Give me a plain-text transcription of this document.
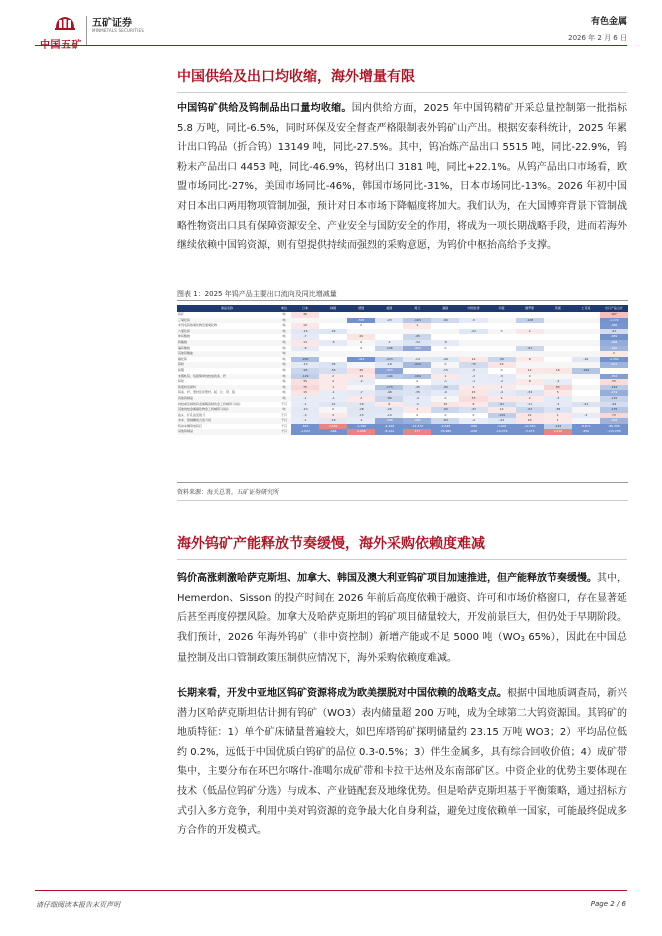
五矿证券
MINMETALS SECURITIES
有色金属
2026 年 2 月 6 日
中国供给及出口均收缩，海外增量有限
中国钨矿供给及钨制品出口量均收缩。国内供给方面，2025 年中国钨精矿开采总量控制第一批指标 5.8 万吨，同比-6.5%，同时环保及安全督查严格限制表外钨矿山产出。根据安泰科统计，2025 年累计出口钨品（折合钨）13149 吨，同比-27.5%。其中，钨冶炼产品出口 5515 吨，同比-22.9%，钨粉末产品出口 4453 吨，同比-46.9%，钨材出口 3181 吨，同比+22.1%。从钨产品出口市场看，欧盟市场同比-27%，美国市场同比-46%，韩国市场同比-31%，日本市场同比-13%。2026 年初中国对日本出口两用物项管制加强，预计对日本市场下降幅度将加大。我们认为，在大国博弈背景下管制战略性物资出口具有保障资源安全、产业安全与国防安全的作用，将成为一项长期战略手段，进而若海外继续依赖中国钨资源，则有望提供持续而强烈的采购意愿，为钨价中枢抬高给予支撑。
图表 1：2025 年钨产品主要出口流向及同比增减量
商品名称	单位	日本	韩国	德国	美国	荷兰	越南	中国台湾	印度	俄罗斯	英国	土耳其	出口产品合计
钨矿	吨	36											167
三氧化钨	吨			-507	-23	-163	-80	-5		-128			-1,172
未列名钨的氧化物及氢氧化物	吨	10		0		1							-386
六氯化钨	吨	-16	-24					-22	0	2			-67
仲钨酸铵	吨	-7		20		-95							-489
钨酸铵	吨	14	-5	0	-1	-34	-5						-288
偏钨酸铵	吨	-8		0	-106	-303	0			-91			-246
其他钨酸盐	吨												2
碳化钨	吨	-200		-421	-123	-14	-26	14	-95	8		-16	-1,352
钨粉	吨	-13	-35		-18	-224	0	-75	25				-251
钨锻	吨	-95	-55	40	-313		-15	-5	0	12	16	-169	
未锻轧钨，包括简单烧结成的条、杆	吨	-129	2	14	-144	-184	1	-2	-5	0			-352
钨丝	吨	35	4	-2		0	-1	-1	-2	8	-2		55
钨废料及碎料	吨	75	1		-173	-45	-80	1	1		83		-152
钨条、杆、型材及异型材、板、片、带、箔	吨	15	-1	-7	-48	-35	-6	15	-4	-34	5		-279
其他钨制品	吨	-1	-1	2	-89	-4	0	53	4	2	-3		-115
烧结或压制的钨金属陶瓷制的金工机械用刀具片	千只	-1	-21	-16	6	-3	15	8	-81	-11	-3	-41	-64
其他烧结金属碳化物金工机械用刀具片	吨	-10	0	-28	-26	1	-90	-47	12	-97	-38		-175
钻头、扩孔钻及铣刀	千只	-3	3	-15	-10	0	0	0	-129	21	1	-3	73
未车、铣削硬质合金刀具	千只	-1	-16	-1	-308	-261	-83	-2	-23	23	1		-258
机动车辆用电钨钉	千只	-816	2,392	-1,390	-2,398	-12,372	-2,648	-586	-3,000	-12,010	-124	-8,871	-86,308
其他钨制品	千只	-1,022	-464	3,038	-8,124	477	-33,980	-648	-10,079	-3,475	1,030	-850	-115,258
资料来源：海关总署，五矿证券研究所
海外钨矿产能释放节奏缓慢，海外采购依赖度难减
钨价高涨刺激哈萨克斯坦、加拿大、韩国及澳大利亚钨矿项目加速推进，但产能释放节奏缓慢。其中，Hemerdon、Sisson 的投产时间在 2026 年前后高度依赖于融资、许可和市场价格窗口，存在显著延后甚至再度停摆风险。加拿大及哈萨克斯坦的钨矿项目储量较大，开发前景巨大，但仍处于早期阶段。我们预计，2026 年海外钨矿（非中资控制）新增产能或不足 5000 吨（WO3 65%），因此在中国总量控制及出口管制政策压制供应情况下，海外采购依赖度难减。
长期来看，开发中亚地区钨矿资源将成为欧美摆脱对中国依赖的战略支点。根据中国地质调查局，新兴潜力区哈萨克斯坦估计拥有钨矿（WO3）表内储量超 200 万吨，成为全球第二大钨资源国。其钨矿的地质特征：1）单个矿床储量普遍较大，如巴库塔钨矿探明储量约 23.15 万吨 WO3；2）平均品位低约 0.2%，远低于中国优质白钨矿的品位 0.3-0.5%；3）伴生金属多，具有综合回收价值；4）成矿带集中，主要分布在环巴尔喀什-准噶尔成矿带和卡拉干达州及东南部矿区。中资企业的优势主要体现在技术（低品位钨矿分选）与成本、产业链配套及地缘优势。但是哈萨克斯坦基于平衡策略，通过招标方式引入多方竞争，利用中美对钨资源的竞争最大化自身利益，避免过度依赖单一国家，可能最终促成多方合作的开发模式。
请仔细阅读本报告末页声明	Page 2 / 6
